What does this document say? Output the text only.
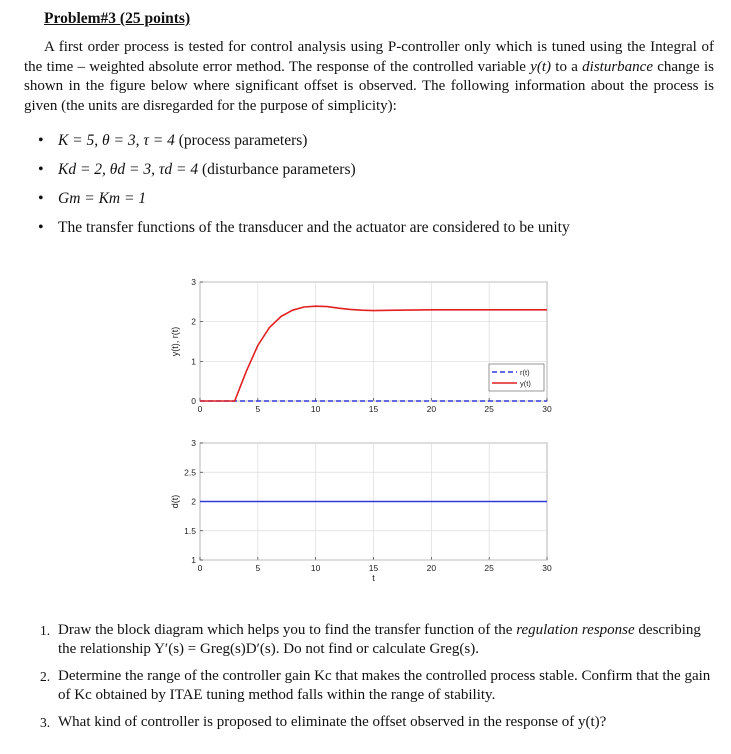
Problem#3 (25 points)
A first order process is tested for control analysis using P-controller only which is tuned using the Integral of the time – weighted absolute error method. The response of the controlled variable y(t) to a disturbance change is shown in the figure below where significant offset is observed. The following information about the process is given (the units are disregarded for the purpose of simplicity):
• K = 5, θ = 3, τ = 4 (process parameters)
• Kd = 2, θd = 3, τd = 4 (disturbance parameters)
• Gm = Km = 1
• The transfer functions of the transducer and the actuator are considered to be unity
0	5	10	15	20	25	30
0
1
2
3
y(t), r(t)
r(t)
y(t)
0	5	10	15	20	25	30
1
1.5
2
2.5
3
d(t)
t
1. Draw the block diagram which helps you to find the transfer function of the regulation response describing the relationship Y′(s) = Greg(s)D′(s). Do not find or calculate Greg(s).
2. Determine the range of the controller gain Kc that makes the controlled process stable. Confirm that the gain of Kc obtained by ITAE tuning method falls within the range of stability.
3. What kind of controller is proposed to eliminate the offset observed in the response of y(t)?
